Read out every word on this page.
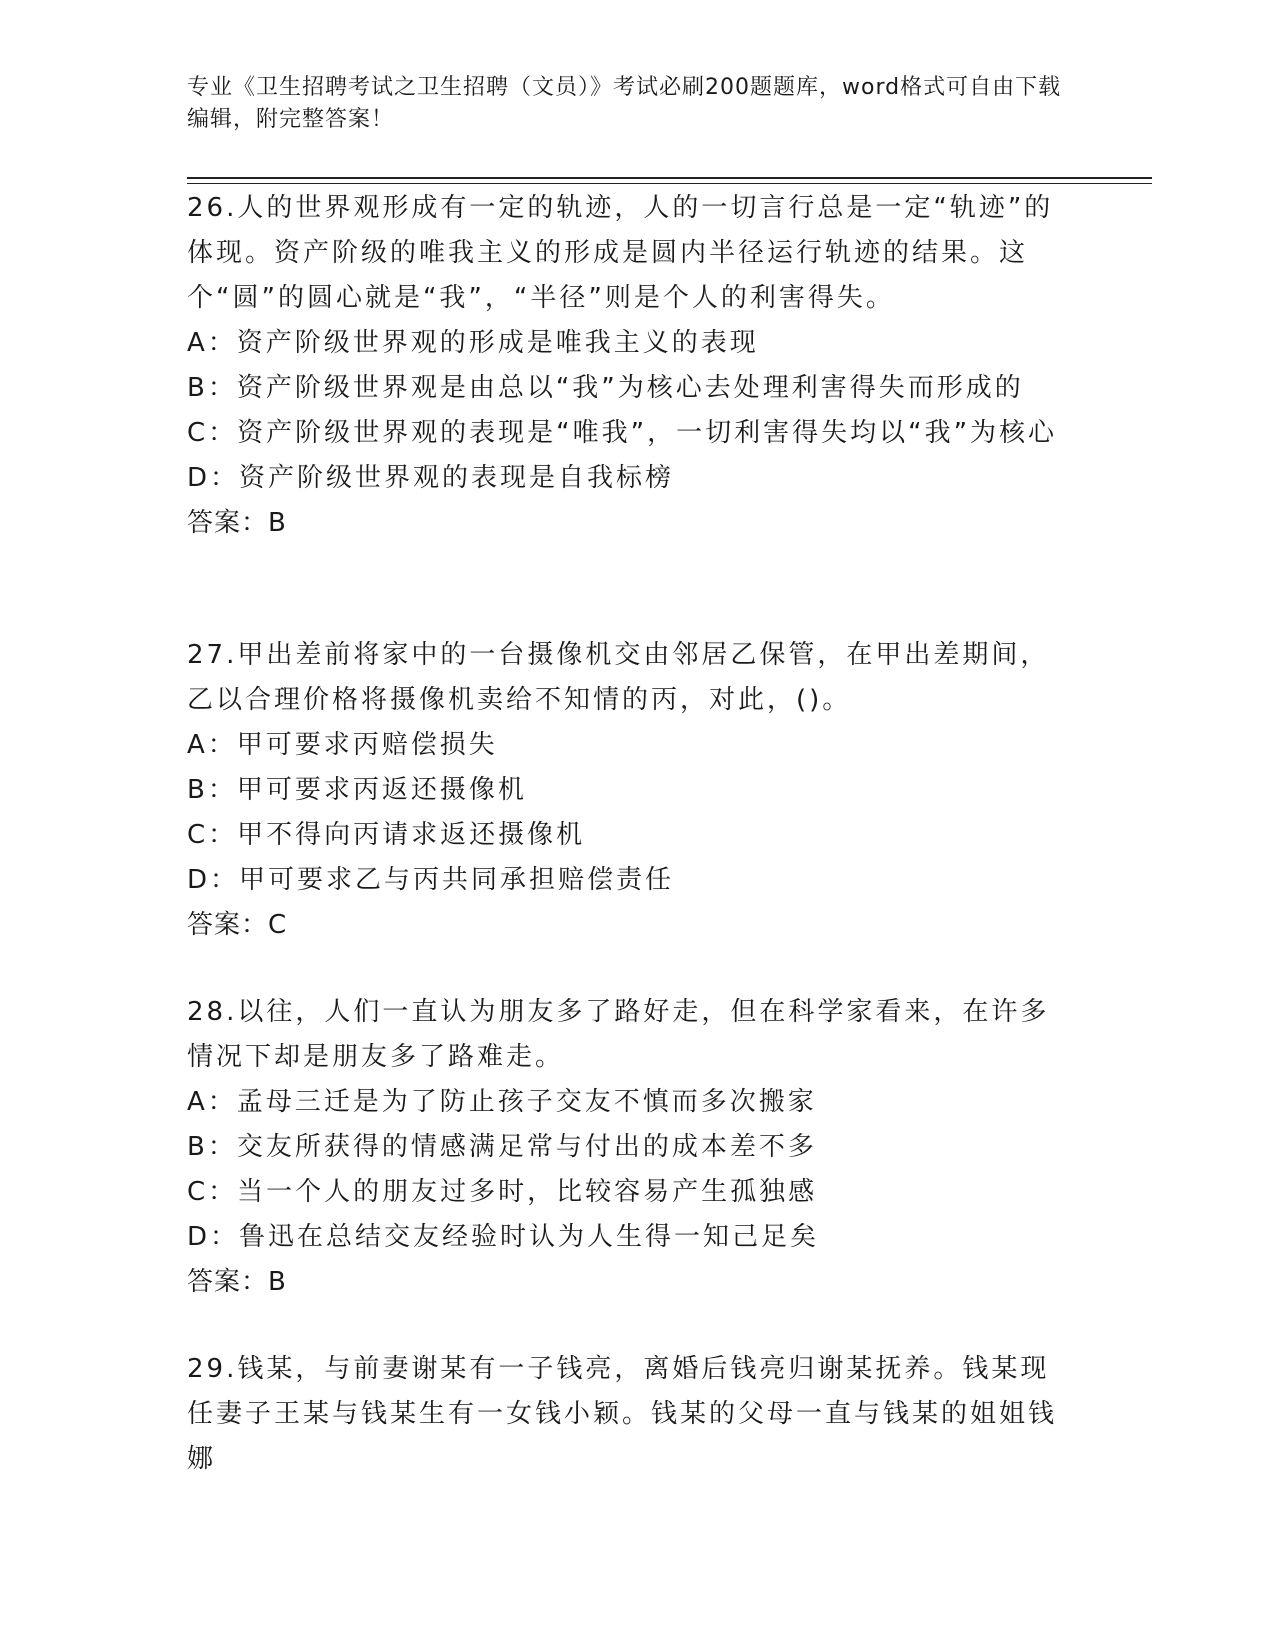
专业《卫生招聘考试之卫生招聘（文员）》考试必刷200题题库，word格式可自由下载编辑，附完整答案！
26.人的世界观形成有一定的轨迹，人的一切言行总是一定“轨迹”的体现。资产阶级的唯我主义的形成是圆内半径运行轨迹的结果。这个“圆”的圆心就是“我”，“半径”则是个人的利害得失。
A：资产阶级世界观的形成是唯我主义的表现
B：资产阶级世界观是由总以“我”为核心去处理利害得失而形成的
C：资产阶级世界观的表现是“唯我”，一切利害得失均以“我”为核心
D：资产阶级世界观的表现是自我标榜
答案：B
27.甲出差前将家中的一台摄像机交由邻居乙保管，在甲出差期间，乙以合理价格将摄像机卖给不知情的丙，对此，()。
A：甲可要求丙赔偿损失
B：甲可要求丙返还摄像机
C：甲不得向丙请求返还摄像机
D：甲可要求乙与丙共同承担赔偿责任
答案：C
28.以往，人们一直认为朋友多了路好走，但在科学家看来，在许多情况下却是朋友多了路难走。
A：孟母三迁是为了防止孩子交友不慎而多次搬家
B：交友所获得的情感满足常与付出的成本差不多
C：当一个人的朋友过多时，比较容易产生孤独感
D：鲁迅在总结交友经验时认为人生得一知己足矣
答案：B
29.钱某，与前妻谢某有一子钱亮，离婚后钱亮归谢某抚养。钱某现任妻子王某与钱某生有一女钱小颖。钱某的父母一直与钱某的姐姐钱娜
